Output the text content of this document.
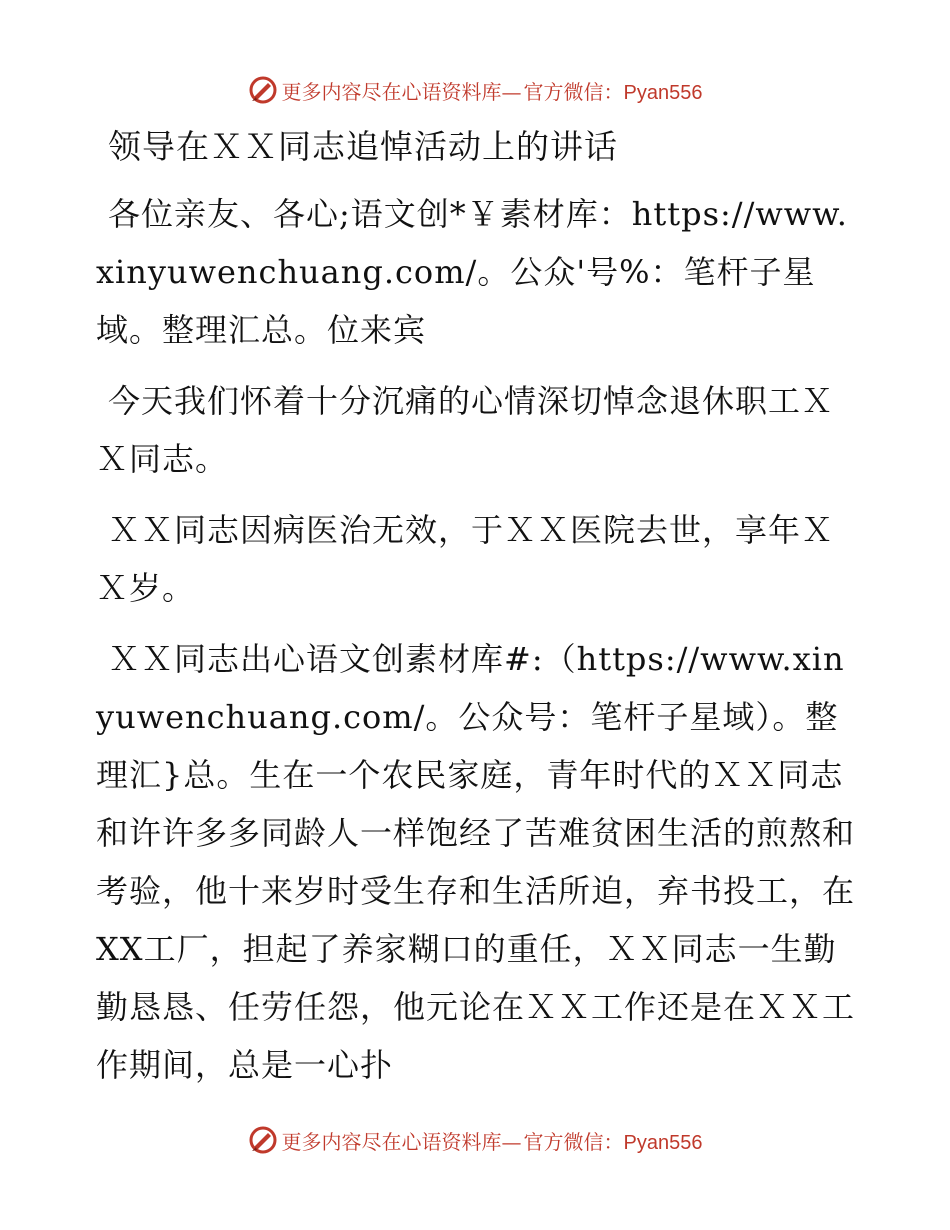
更多内容尽在心语资料库— 官方微信：Pyan556
领导在ＸＸ同志追悼活动上的讲话

各位亲友、各心;语文创*￥素材库：https://www.xinyuwenchuang.com/。公众'号%：笔杆子星域。整理汇总。位来宾

今天我们怀着十分沉痛的心情深切悼念退休职工ＸＸ同志。

ＸＸ同志因病医治无效，于ＸＸ医院去世，享年ＸＸ岁。

ＸＸ同志出心语文创素材库#:（https://www.xinyuwenchuang.com/。公众号：笔杆子星域）。整理汇}总。生在一个农民家庭，青年时代的ＸＸ同志和许许多多同龄人一样饱经了苦难贫困生活的煎熬和考验，他十来岁时受生存和生活所迫，弃书投工，在XX工厂，担起了养家糊口的重任，ＸＸ同志一生勤勤恳恳、任劳任怨，他元论在ＸＸ工作还是在ＸＸ工作期间，总是一心扑

更多内容尽在心语资料库— 官方微信：Pyan556
